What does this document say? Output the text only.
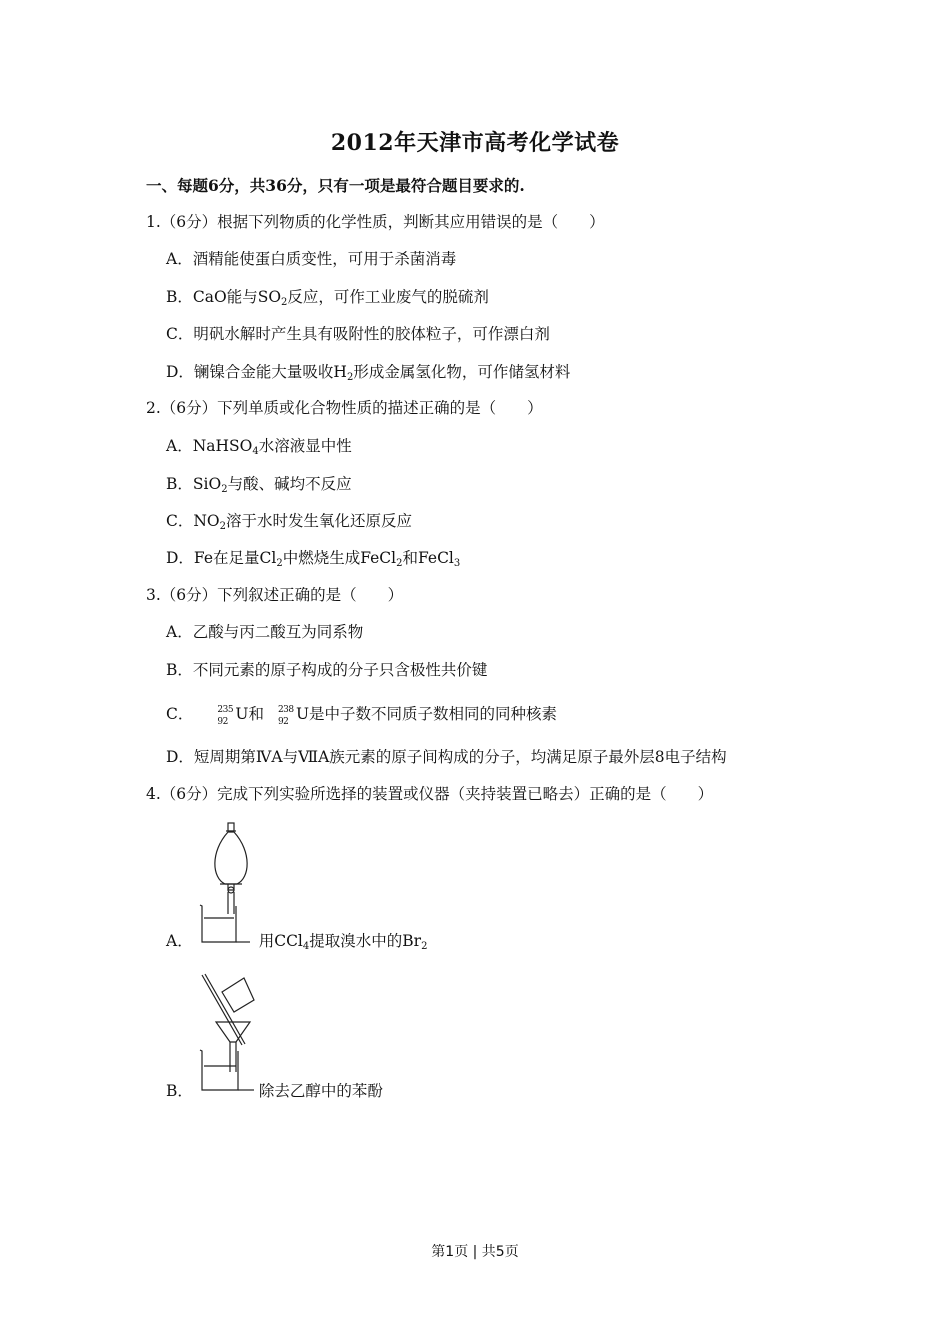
2012年天津市高考化学试卷
一、每题6分，共36分，只有一项是最符合题目要求的.
1.（6分）根据下列物质的化学性质，判断其应用错误的是（　　）
A．酒精能使蛋白质变性，可用于杀菌消毒
B．CaO能与$SO_2$反应，可作工业废气的脱硫剂
C．明矾水解时产生具有吸附性的胶体粒子，可作漂白剂
D．镧镍合金能大量吸收$H_2$形成金属氢化物，可作储氢材料
2.（6分）下列单质或化合物性质的描述正确的是（　　）
A．NaHSO$_4$水溶液显中性
B．SiO$_2$与酸、碱均不反应
C．$NO_2$溶于水时发生氧化还原反应
D．Fe在足量$Cl_2$中燃烧生成FeCl$_2$和FeCl$_3$
3.（6分）下列叙述正确的是（　　）
A．乙酸与丙二酸互为同系物
B．不同元素的原子构成的分子只含极性共价键
C．	235
92 U和 238
92 U是中子数不同质子数相同的同种核素
D．短周期第ⅣA与ⅦA族元素的原子间构成的分子，均满足原子最外层8电子结构
4.（6分）完成下列实验所选择的装置或仪器（夹持装置已略去）正确的是（　　）
A．	用CCl$_4$提取溴水中的$Br_2$
B．	除去乙醇中的苯酚
第1页 | 共5页
